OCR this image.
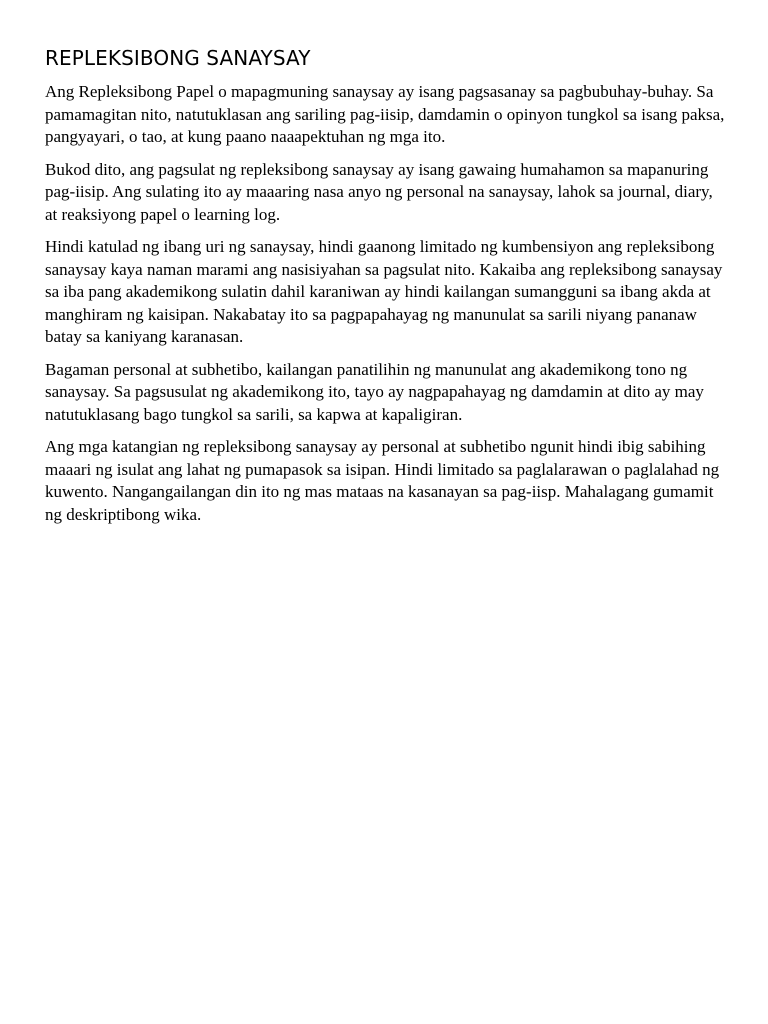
REPLEKSIBONG SANAYSAY

Ang Repleksibong Papel o mapagmuning sanaysay ay isang pagsasanay sa pagbubuhay-buhay. Sa pamamagitan nito, natutuklasan ang sariling pag-iisip, damdamin o opinyon tungkol sa isang paksa, pangyayari, o tao, at kung paano naaapektuhan ng mga ito.

Bukod dito, ang pagsulat ng repleksibong sanaysay ay isang gawaing humahamon sa mapanuring pag-iisip. Ang sulating ito ay maaaring nasa anyo ng personal na sanaysay, lahok sa journal, diary, at reaksiyong papel o learning log.

Hindi katulad ng ibang uri ng sanaysay, hindi gaanong limitado ng kumbensiyon ang repleksibong sanaysay kaya naman marami ang nasisiyahan sa pagsulat nito. Kakaiba ang repleksibong sanaysay sa iba pang akademikong sulatin dahil karaniwan ay hindi kailangan sumangguni sa ibang akda at manghiram ng kaisipan. Nakabatay ito sa pagpapahayag ng manunulat sa sarili niyang pananaw batay sa kaniyang karanasan.

Bagaman personal at subhetibo, kailangan panatilihin ng manunulat ang akademikong tono ng sanaysay. Sa pagsusulat ng akademikong ito, tayo ay nagpapahayag ng damdamin at dito ay may natutuklasang bago tungkol sa sarili, sa kapwa at kapaligiran.

Ang mga katangian ng repleksibong sanaysay ay personal at subhetibo ngunit hindi ibig sabihing maaari ng isulat ang lahat ng pumapasok sa isipan. Hindi limitado sa paglalarawan o paglalahad ng kuwento. Nangangailangan din ito ng mas mataas na kasanayan sa pag-iisp. Mahalagang gumamit ng deskriptibong wika.
